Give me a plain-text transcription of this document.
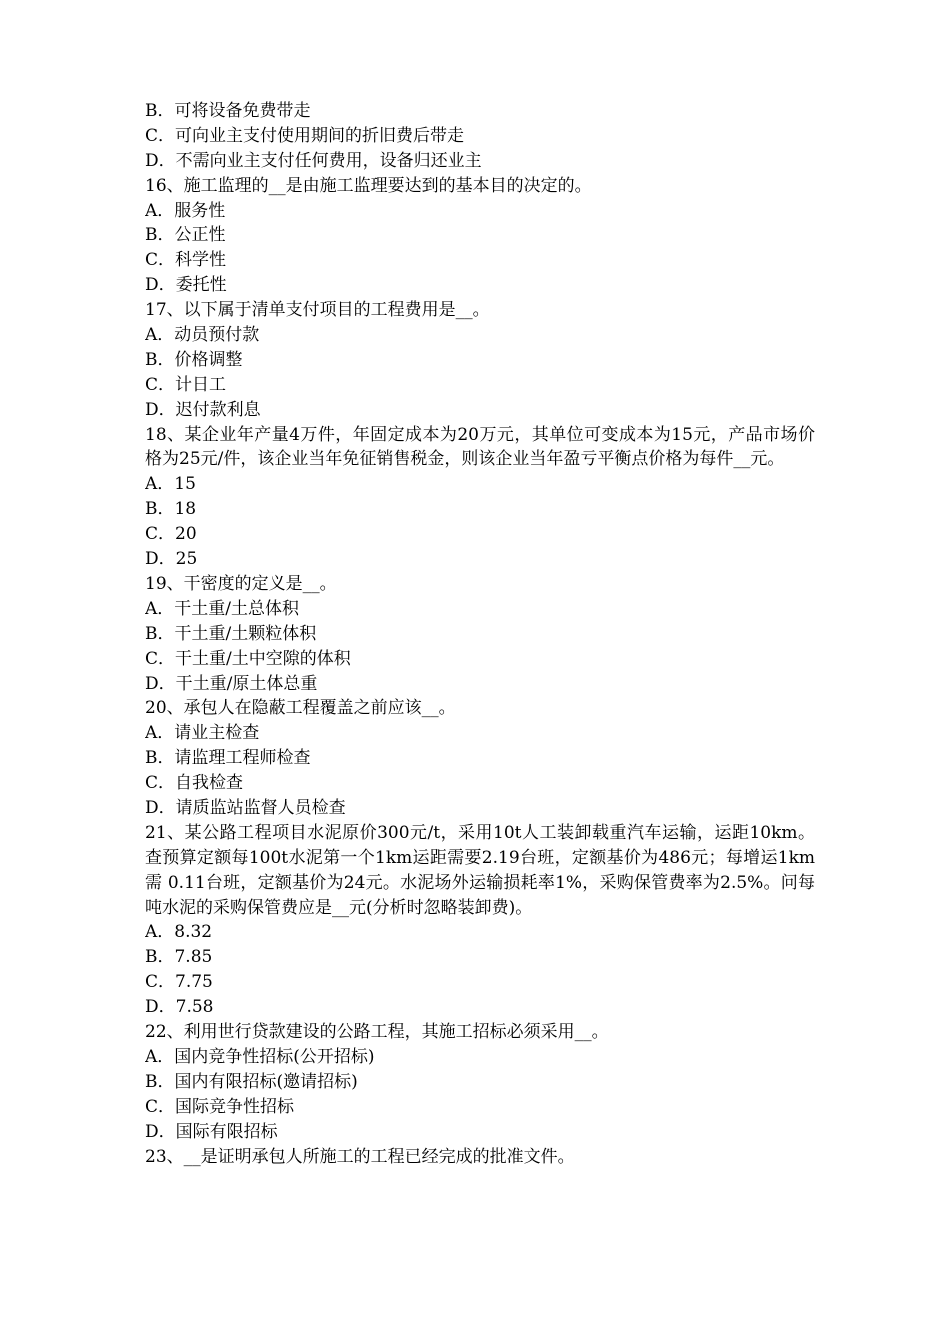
B．可将设备免费带走
C．可向业主支付使用期间的折旧费后带走
D．不需向业主支付任何费用，设备归还业主
16、施工监理的__是由施工监理要达到的基本目的决定的。
A．服务性
B．公正性
C．科学性
D．委托性
17、以下属于清单支付项目的工程费用是__。
A．动员预付款
B．价格调整
C．计日工
D．迟付款利息
18、某企业年产量4万件，年固定成本为20万元，其单位可变成本为15元，产品市场价格为25元/件，该企业当年免征销售税金，则该企业当年盈亏平衡点价格为每件__元。
A．15
B．18
C．20
D．25
19、干密度的定义是__。
A．干土重/土总体积
B．干土重/土颗粒体积
C．干土重/土中空隙的体积
D．干土重/原土体总重
20、承包人在隐蔽工程覆盖之前应该__。
A．请业主检查
B．请监理工程师检查
C．自我检查
D．请质监站监督人员检查
21、某公路工程项目水泥原价300元/t，采用10t人工装卸载重汽车运输，运距10km。查预算定额每100t水泥第一个1km运距需要2.19台班，定额基价为486元；每增运1km需 0.11台班，定额基价为24元。水泥场外运输损耗率1%，采购保管费率为2.5%。问每吨水泥的采购保管费应是__元(分析时忽略装卸费)。
A．8.32
B．7.85
C．7.75
D．7.58
22、利用世行贷款建设的公路工程，其施工招标必须采用__。
A．国内竞争性招标(公开招标)
B．国内有限招标(邀请招标)
C．国际竞争性招标
D．国际有限招标
23、__是证明承包人所施工的工程已经完成的批准文件。
